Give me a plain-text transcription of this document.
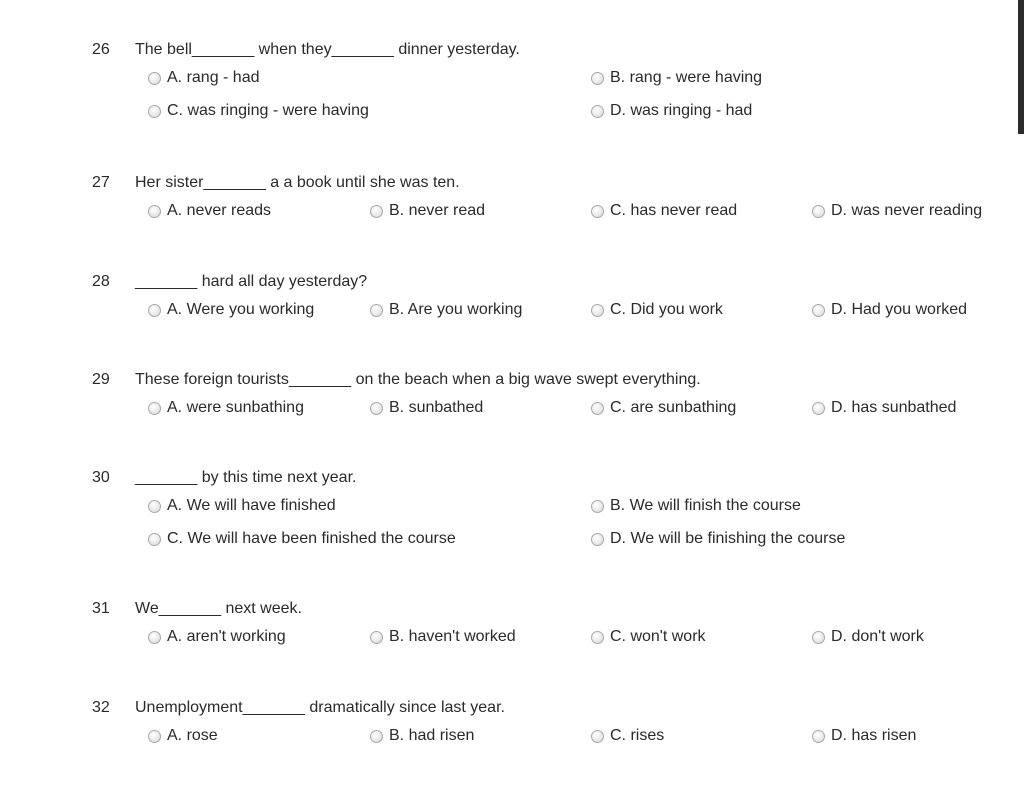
26	The bell_______ when they_______ dinner yesterday.
A. rang - had	B. rang - were having
C. was ringing - were having	D. was ringing - had
27	Her sister_______ a a book until she was ten.
A. never reads	B. never read	C. has never read	D. was never reading
28	_______ hard all day yesterday?
A. Were you working	B. Are you working	C. Did you work	D. Had you worked
29	These foreign tourists_______ on the beach when a big wave swept everything.
A. were sunbathing	B. sunbathed	C. are sunbathing	D. has sunbathed
30	_______ by this time next year.
A. We will have finished	B. We will finish the course
C. We will have been finished the course	D. We will be finishing the course
31	We_______ next week.
A. aren't working	B. haven't worked	C. won't work	D. don't work
32	Unemployment_______ dramatically since last year.
A. rose	B. had risen	C. rises	D. has risen
